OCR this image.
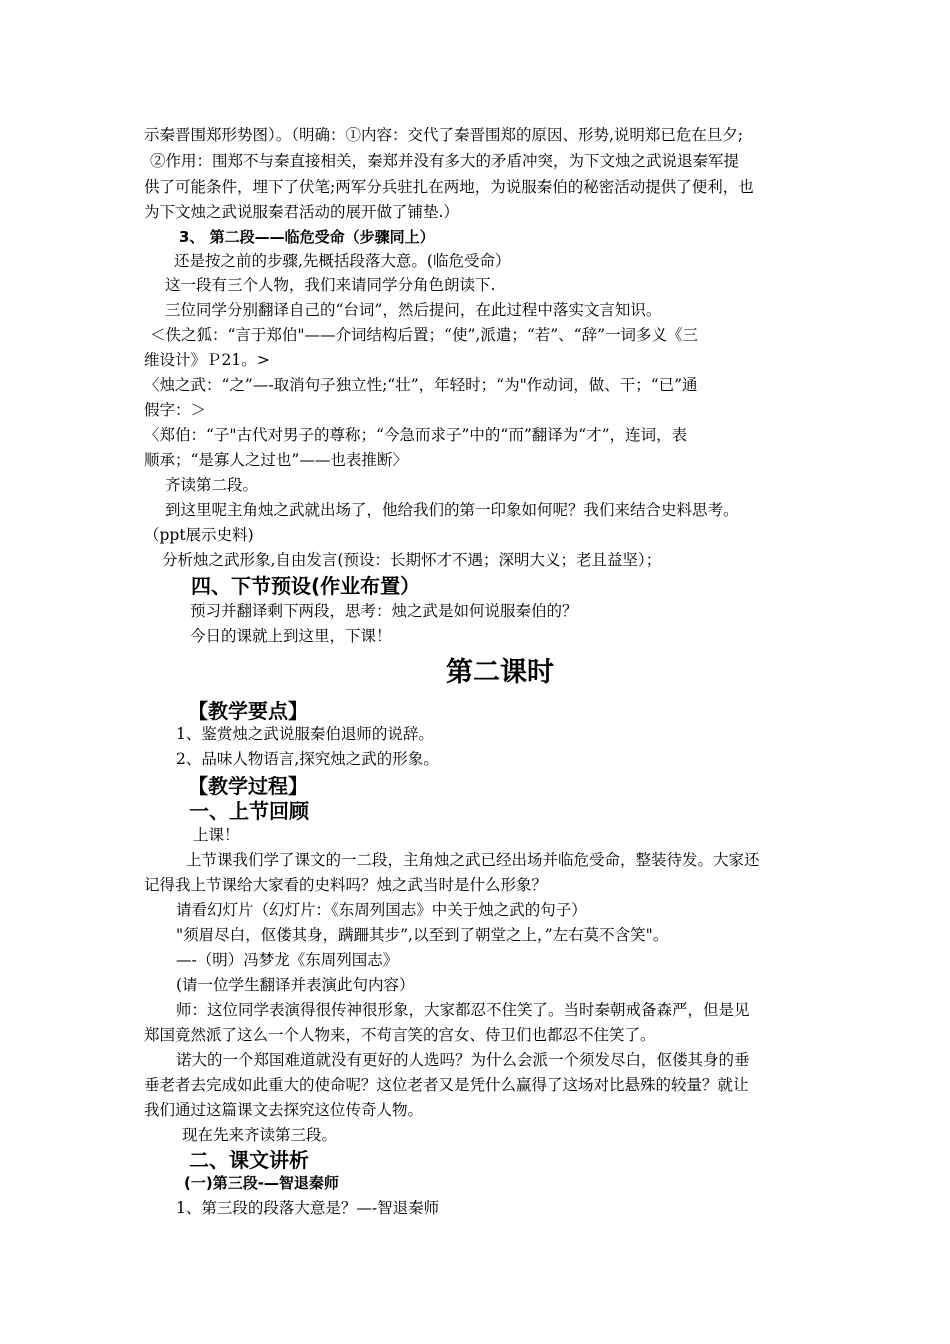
示秦晋围郑形势图）。（明确：①内容：交代了秦晋围郑的原因、形势,说明郑已危在旦夕;
②作用：围郑不与秦直接相关，秦郑并没有多大的矛盾冲突，为下文烛之武说退秦军提
供了可能条件，埋下了伏笔;两军分兵驻扎在两地，为说服秦伯的秘密活动提供了便利，也
为下文烛之武说服秦君活动的展开做了铺垫.）
3、 第二段——临危受命（步骤同上）
还是按之前的步骤,先概括段落大意。(临危受命）
这一段有三个人物，我们来请同学分角色朗读下.
三位同学分别翻译自己的“台词”，然后提问，在此过程中落实文言知识。
＜佚之狐：“言于郑伯"——介词结构后置；“使”,派遣；“若”、“辞”一词多义《三
维设计》Ｐ21。>
〈烛之武：“之”—-取消句子独立性;“壮”，年轻时；“为"作动词，做、干；“已”通
假字：＞
〈郑伯：“子"古代对男子的尊称；“今急而求子”中的“而”翻译为“才”，连词，表
顺承；“是寡人之过也”——也表推断〉
齐读第二段。
到这里呢主角烛之武就出场了，他给我们的第一印象如何呢？我们来结合史料思考。
（ppt展示史料)
分析烛之武形象,自由发言(预设：长期怀才不遇；深明大义；老且益坚）；
四、下节预设(作业布置）
预习并翻译剩下两段，思考：烛之武是如何说服秦伯的？
今日的课就上到这里，下课！
第二课时
【教学要点】
1、鉴赏烛之武说服秦伯退师的说辞。
2、品味人物语言,探究烛之武的形象。
【教学过程】
一、上节回顾
上课！
上节课我们学了课文的一二段，主角烛之武已经出场并临危受命，整装待发。大家还
记得我上节课给大家看的史料吗？烛之武当时是什么形象？
请看幻灯片（幻灯片：《东周列国志》中关于烛之武的句子）
"须眉尽白，伛偻其身，蹒跚其步”,以至到了朝堂之上，”左右莫不含笑"。
—-（明）冯梦龙《东周列国志》
(请一位学生翻译并表演此句内容）
师：这位同学表演得很传神很形象，大家都忍不住笑了。当时秦朝戒备森严，但是见
郑国竟然派了这么一个人物来，不苟言笑的宫女、侍卫们也都忍不住笑了。
诺大的一个郑国难道就没有更好的人选吗？为什么会派一个须发尽白，伛偻其身的垂
垂老者去完成如此重大的使命呢？这位老者又是凭什么赢得了这场对比悬殊的较量？就让
我们通过这篇课文去探究这位传奇人物。
现在先来齐读第三段。
二、课文讲析
(一)第三段-—智退秦师
1、第三段的段落大意是？—-智退秦师
